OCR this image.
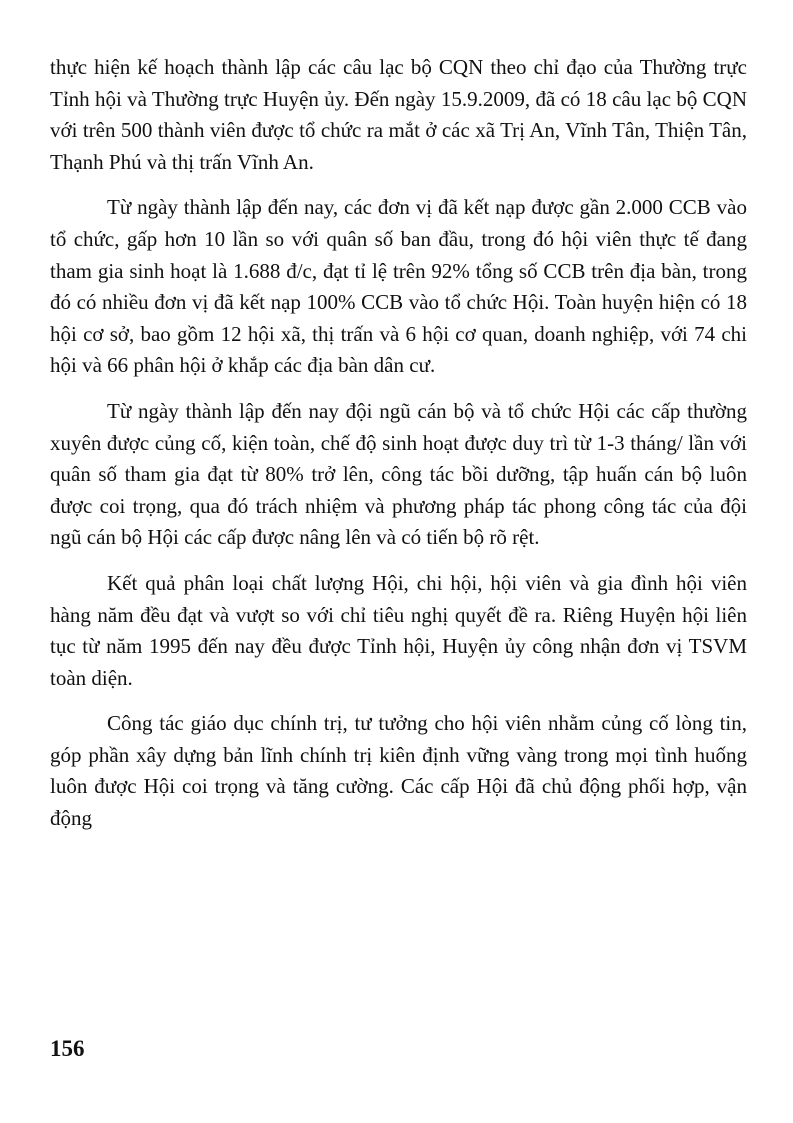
thực hiện kế hoạch thành lập các câu lạc bộ CQN theo chỉ đạo của Thường trực Tỉnh hội và Thường trực Huyện ủy. Đến ngày 15.9.2009, đã có 18 câu lạc bộ CQN với trên 500 thành viên được tổ chức ra mắt ở các xã Trị An, Vĩnh Tân, Thiện Tân, Thạnh Phú và thị trấn Vĩnh An.

Từ ngày thành lập đến nay, các đơn vị đã kết nạp được gần 2.000 CCB vào tổ chức, gấp hơn 10 lần so với quân số ban đầu, trong đó hội viên thực tế đang tham gia sinh hoạt là 1.688 đ/c, đạt tỉ lệ trên 92% tổng số CCB trên địa bàn, trong đó có nhiều đơn vị đã kết nạp 100% CCB vào tổ chức Hội. Toàn huyện hiện có 18 hội cơ sở, bao gồm 12 hội xã, thị trấn và 6 hội cơ quan, doanh nghiệp, với 74 chi hội và 66 phân hội ở khắp các địa bàn dân cư.

Từ ngày thành lập đến nay đội ngũ cán bộ và tổ chức Hội các cấp thường xuyên được củng cố, kiện toàn, chế độ sinh hoạt được duy trì từ 1-3 tháng/ lần với quân số tham gia đạt từ 80% trở lên, công tác bồi dưỡng, tập huấn cán bộ luôn được coi trọng, qua đó trách nhiệm và phương pháp tác phong công tác của đội ngũ cán bộ Hội các cấp được nâng lên và có tiến bộ rõ rệt.

Kết quả phân loại chất lượng Hội, chi hội, hội viên và gia đình hội viên hàng năm đều đạt và vượt so với chỉ tiêu nghị quyết đề ra. Riêng Huyện hội liên tục từ năm 1995 đến nay đều được Tỉnh hội, Huyện ủy công nhận đơn vị TSVM toàn diện.

Công tác giáo dục chính trị, tư tưởng cho hội viên nhằm củng cố lòng tin, góp phần xây dựng bản lĩnh chính trị kiên định vững vàng trong mọi tình huống luôn được Hội coi trọng và tăng cường. Các cấp Hội đã chủ động phối hợp, vận động

156
